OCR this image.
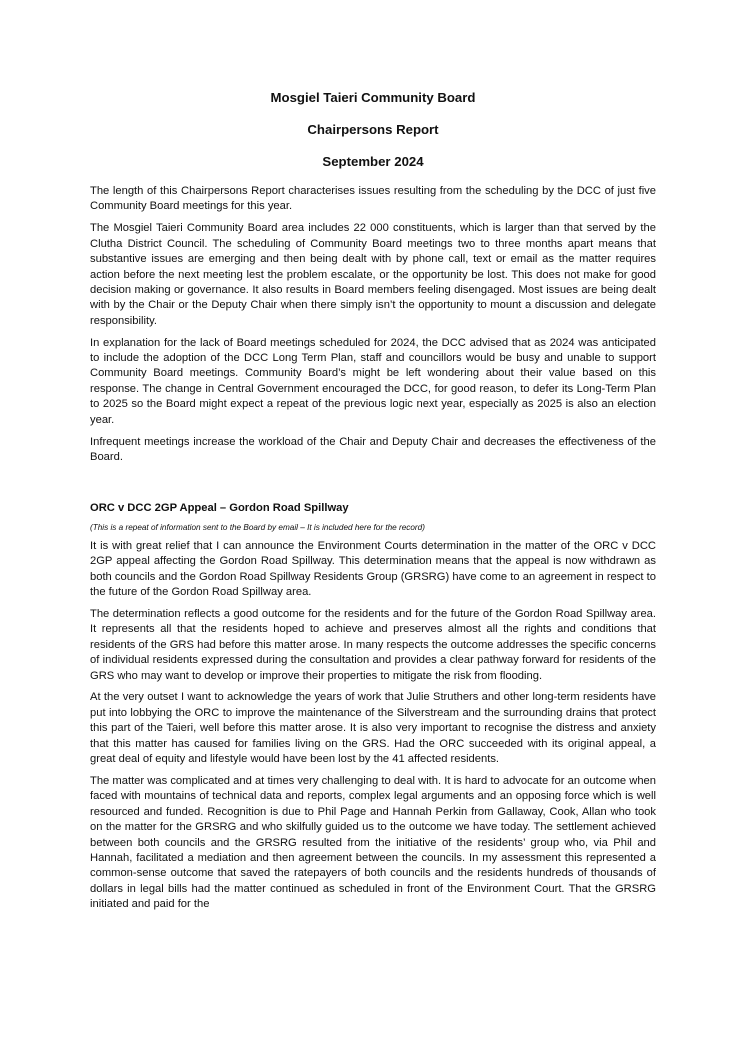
Mosgiel Taieri Community Board
Chairpersons Report
September 2024

The length of this Chairpersons Report characterises issues resulting from the scheduling by the DCC of just five Community Board meetings for this year.

The Mosgiel Taieri Community Board area includes 22 000 constituents, which is larger than that served by the Clutha District Council. The scheduling of Community Board meetings two to three months apart means that substantive issues are emerging and then being dealt with by phone call, text or email as the matter requires action before the next meeting lest the problem escalate, or the opportunity be lost. This does not make for good decision making or governance. It also results in Board members feeling disengaged. Most issues are being dealt with by the Chair or the Deputy Chair when there simply isn’t the opportunity to mount a discussion and delegate responsibility.

In explanation for the lack of Board meetings scheduled for 2024, the DCC advised that as 2024 was anticipated to include the adoption of the DCC Long Term Plan, staff and councillors would be busy and unable to support Community Board meetings. Community Board’s might be left wondering about their value based on this response. The change in Central Government encouraged the DCC, for good reason, to defer its Long-Term Plan to 2025 so the Board might expect a repeat of the previous logic next year, especially as 2025 is also an election year.

Infrequent meetings increase the workload of the Chair and Deputy Chair and decreases the effectiveness of the Board.

ORC v DCC 2GP Appeal – Gordon Road Spillway

(This is a repeat of information sent to the Board by email – It is included here for the record)

It is with great relief that I can announce the Environment Courts determination in the matter of the ORC v DCC 2GP appeal affecting the Gordon Road Spillway. This determination means that the appeal is now withdrawn as both councils and the Gordon Road Spillway Residents Group (GRSRG) have come to an agreement in respect to the future of the Gordon Road Spillway area.

The determination reflects a good outcome for the residents and for the future of the Gordon Road Spillway area. It represents all that the residents hoped to achieve and preserves almost all the rights and conditions that residents of the GRS had before this matter arose. In many respects the outcome addresses the specific concerns of individual residents expressed during the consultation and provides a clear pathway forward for residents of the GRS who may want to develop or improve their properties to mitigate the risk from flooding.

At the very outset I want to acknowledge the years of work that Julie Struthers and other long-term residents have put into lobbying the ORC to improve the maintenance of the Silverstream and the surrounding drains that protect this part of the Taieri, well before this matter arose. It is also very important to recognise the distress and anxiety that this matter has caused for families living on the GRS. Had the ORC succeeded with its original appeal, a great deal of equity and lifestyle would have been lost by the 41 affected residents.

The matter was complicated and at times very challenging to deal with. It is hard to advocate for an outcome when faced with mountains of technical data and reports, complex legal arguments and an opposing force which is well resourced and funded. Recognition is due to Phil Page and Hannah Perkin from Gallaway, Cook, Allan who took on the matter for the GRSRG and who skilfully guided us to the outcome we have today. The settlement achieved between both councils and the GRSRG resulted from the initiative of the residents’ group who, via Phil and Hannah, facilitated a mediation and then agreement between the councils. In my assessment this represented a common-sense outcome that saved the ratepayers of both councils and the residents hundreds of thousands of dollars in legal bills had the matter continued as scheduled in front of the Environment Court. That the GRSRG initiated and paid for the
